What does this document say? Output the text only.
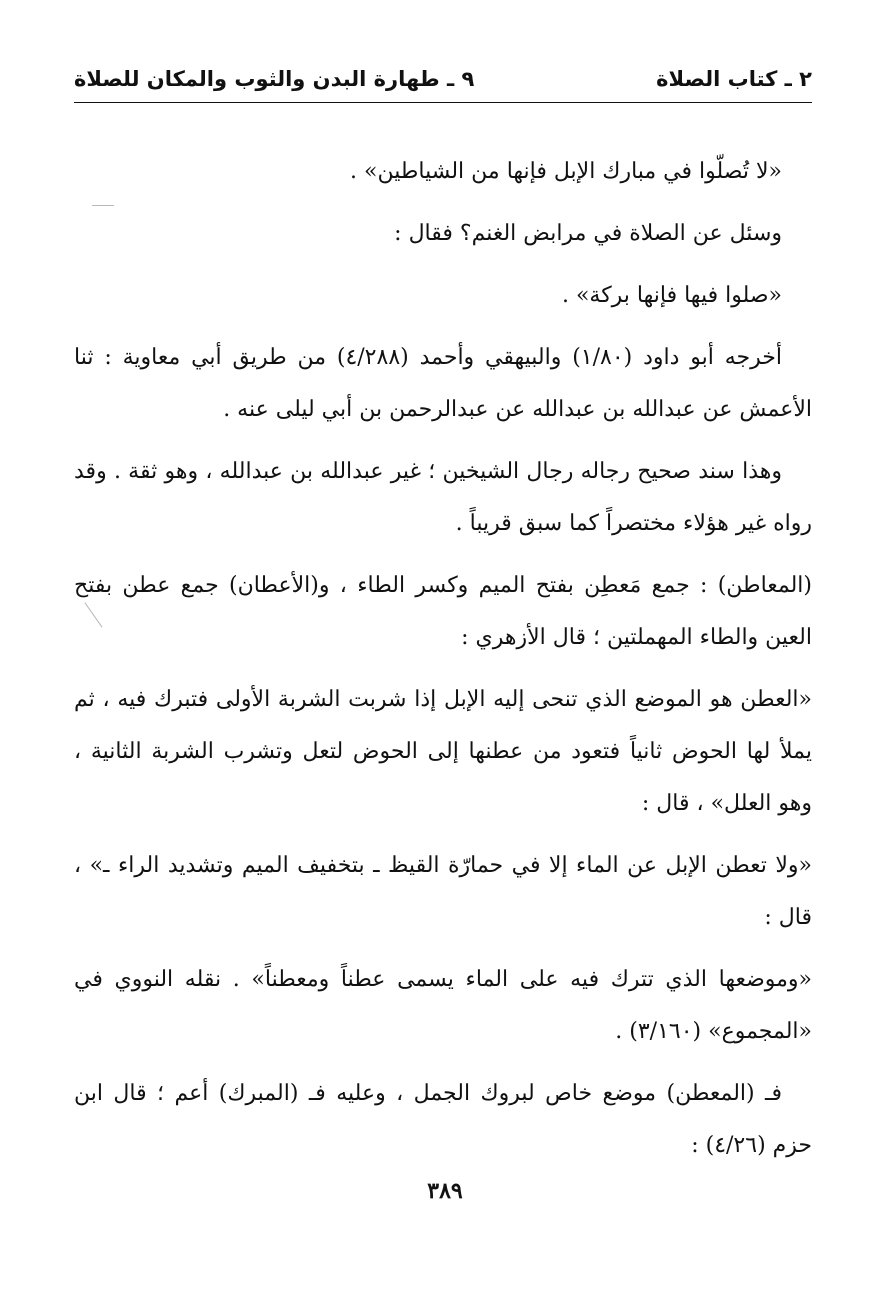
٢ ـ كتاب الصلاة
٩ ـ طهارة البدن والثوب والمكان للصلاة

«لا تُصلّوا في مبارك الإبل فإنها من الشياطين» .

وسئل عن الصلاة في مرابض الغنم؟ فقال :

«صلوا فيها فإنها بركة» .

أخرجه أبو داود (١/٨٠) والبيهقي وأحمد (٤/٢٨٨) من طريق أبي معاوية : ثنا الأعمش عن عبدالله بن عبدالله عن عبدالرحمن بن أبي ليلى عنه .

وهذا سند صحيح رجاله رجال الشيخين ؛ غير عبدالله بن عبدالله ، وهو ثقة . وقد رواه غير هؤلاء مختصراً كما سبق قريباً .

(المعاطن) : جمع مَعطِن بفتح الميم وكسر الطاء ، و(الأعطان) جمع عطن بفتح العين والطاء المهملتين ؛ قال الأزهري :

«العطن هو الموضع الذي تنحى إليه الإبل إذا شربت الشربة الأولى فتبرك فيه ، ثم يملأ لها الحوض ثانياً فتعود من عطنها إلى الحوض لتعل وتشرب الشربة الثانية ، وهو العلل» ، قال :

«ولا تعطن الإبل عن الماء إلا في حمارّة القيظ ـ بتخفيف الميم وتشديد الراء ـ» ، قال :

«وموضعها الذي تترك فيه على الماء يسمى عطناً ومعطناً» . نقله النووي في «المجموع» (٣/١٦٠) .

فـ (المعطن) موضع خاص لبروك الجمل ، وعليه فـ (المبرك) أعم ؛ قال ابن حزم (٤/٢٦) :

٣٨٩
